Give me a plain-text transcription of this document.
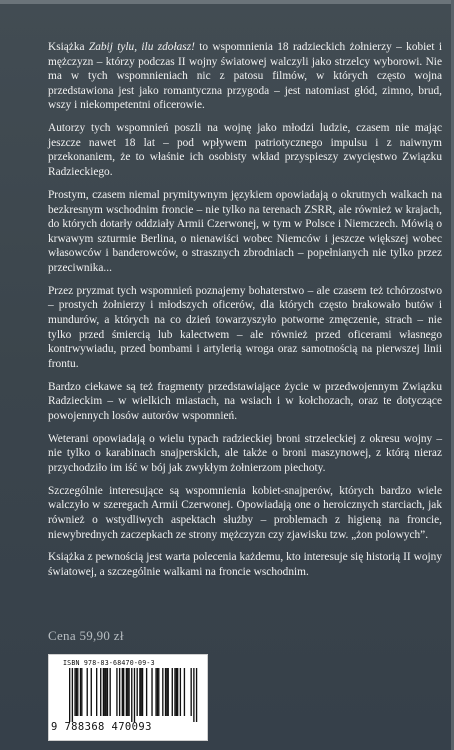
Książka Zabij tylu, ilu zdołasz! to wspomnienia 18 radzieckich żołnierzy – kobiet i mężczyzn – którzy podczas II wojny światowej walczyli jako strzelcy wyborowi. Nie ma w tych wspomnieniach nic z patosu filmów, w których często wojna przedstawiona jest jako romantyczna przygoda – jest natomiast głód, zimno, brud, wszy i niekompetentni oficerowie.

Autorzy tych wspomnień poszli na wojnę jako młodzi ludzie, czasem nie mając jeszcze nawet 18 lat – pod wpływem patriotycznego impulsu i z naiwnym przekonaniem, że to właśnie ich osobisty wkład przyspieszy zwycięstwo Związku Radzieckiego.

Prostym, czasem niemal prymitywnym językiem opowiadają o okrutnych walkach na bezkresnym wschodnim froncie – nie tylko na terenach ZSRR, ale również w krajach, do których dotarły oddziały Armii Czerwonej, w tym w Polsce i Niemczech. Mówią o krwawym szturmie Berlina, o nienawiści wobec Niemców i jeszcze większej wobec własowców i banderowców, o strasznych zbrodniach – popełnianych nie tylko przez przeciwnika...

Przez pryzmat tych wspomnień poznajemy bohaterstwo – ale czasem też tchórzostwo – prostych żołnierzy i młodszych oficerów, dla których często brakowało butów i mundurów, a których na co dzień towarzyszyło potworne zmęczenie, strach – nie tylko przed śmiercią lub kalectwem – ale również przed oficerami własnego kontrwywiadu, przed bombami i artylerią wroga oraz samotnością na pierwszej linii frontu.

Bardzo ciekawe są też fragmenty przedstawiające życie w przedwojennym Związku Radzieckim – w wielkich miastach, na wsiach i w kołchozach, oraz te dotyczące powojennych losów autorów wspomnień.

Weterani opowiadają o wielu typach radzieckiej broni strzeleckiej z okresu wojny – nie tylko o karabinach snajperskich, ale także o broni maszynowej, z którą nieraz przychodziło im iść w bój jak zwykłym żołnierzom piechoty.

Szczególnie interesujące są wspomnienia kobiet-snajperów, których bardzo wiele walczyło w szeregach Armii Czerwonej. Opowiadają one o heroicznych starciach, jak również o wstydliwych aspektach służby – problemach z higieną na froncie, niewybrednych zaczepkach ze strony mężczyzn czy zjawisku tzw. „żon polowych”.

Książka z pewnością jest warta polecenia każdemu, kto interesuje się historią II wojny światowej, a szczególnie walkami na froncie wschodnim.

Cena 59,90 zł
ISBN 978-83-68470-09-3
9 788368 470093
